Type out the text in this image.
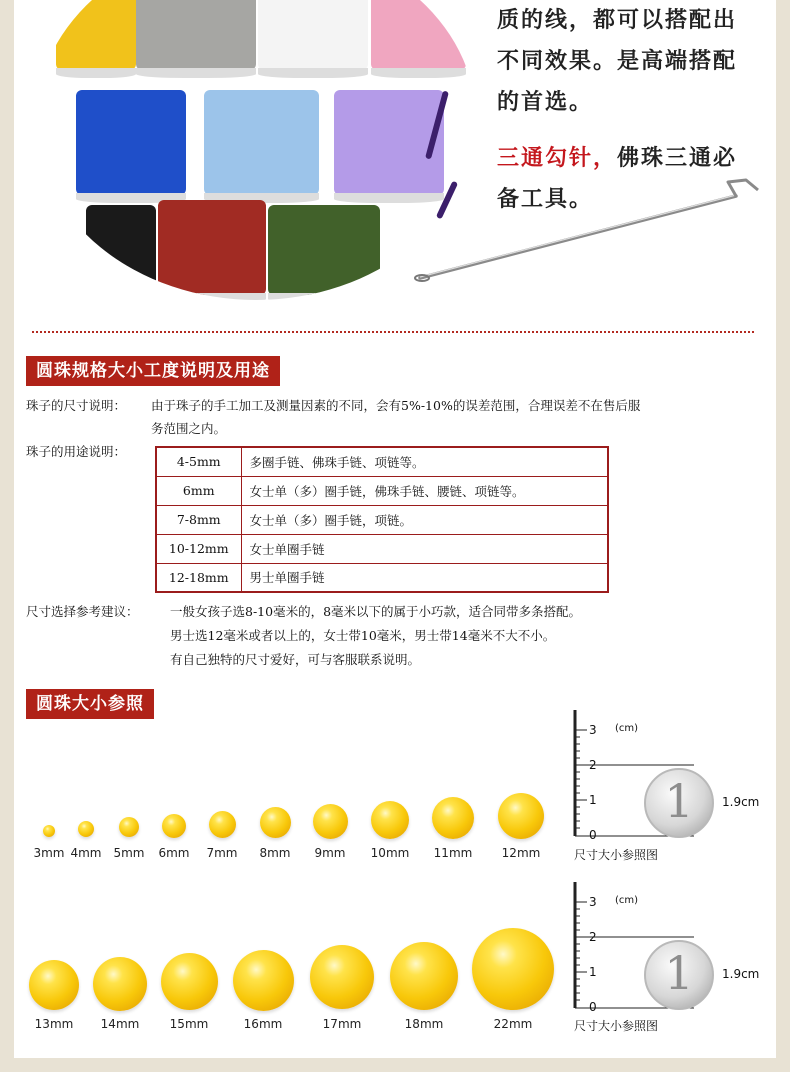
质的线，都可以搭配出
不同效果。是高端搭配
的首选。
三通勾针，佛珠三通必
备工具。
圆珠规格大小工度说明及用途
珠子的尺寸说明： 由于珠子的手工加工及测量因素的不同，会有5%-10%的误差范围，合理误差不在售后服
务范围之内。
珠子的用途说明：
4-5mm	多圈手链、佛珠手链、项链等。
6mm	女士单（多）圈手链，佛珠手链、腰链、项链等。
7-8mm	女士单（多）圈手链，项链。
10-12mm	女士单圈手链
12-18mm	男士单圈手链
尺寸选择参考建议：	一般女孩子选8-10毫米的，8毫米以下的属于小巧款，适合同带多条搭配。
男士选12毫米或者以上的，女士带10毫米，男士带14毫米不大不小。
有自己独特的尺寸爱好，可与客服联系说明。
圆珠大小参照
3mm 4mm 5mm	6mm	7mm	8mm	9mm	10mm	11mm	12mm
13mm	14mm	15mm	16mm	17mm	18mm	22mm
3 (cm)
2
1
0
1	1.9cm
尺寸大小参照图
3 (cm)
2
1
0
1	1.9cm
尺寸大小参照图
